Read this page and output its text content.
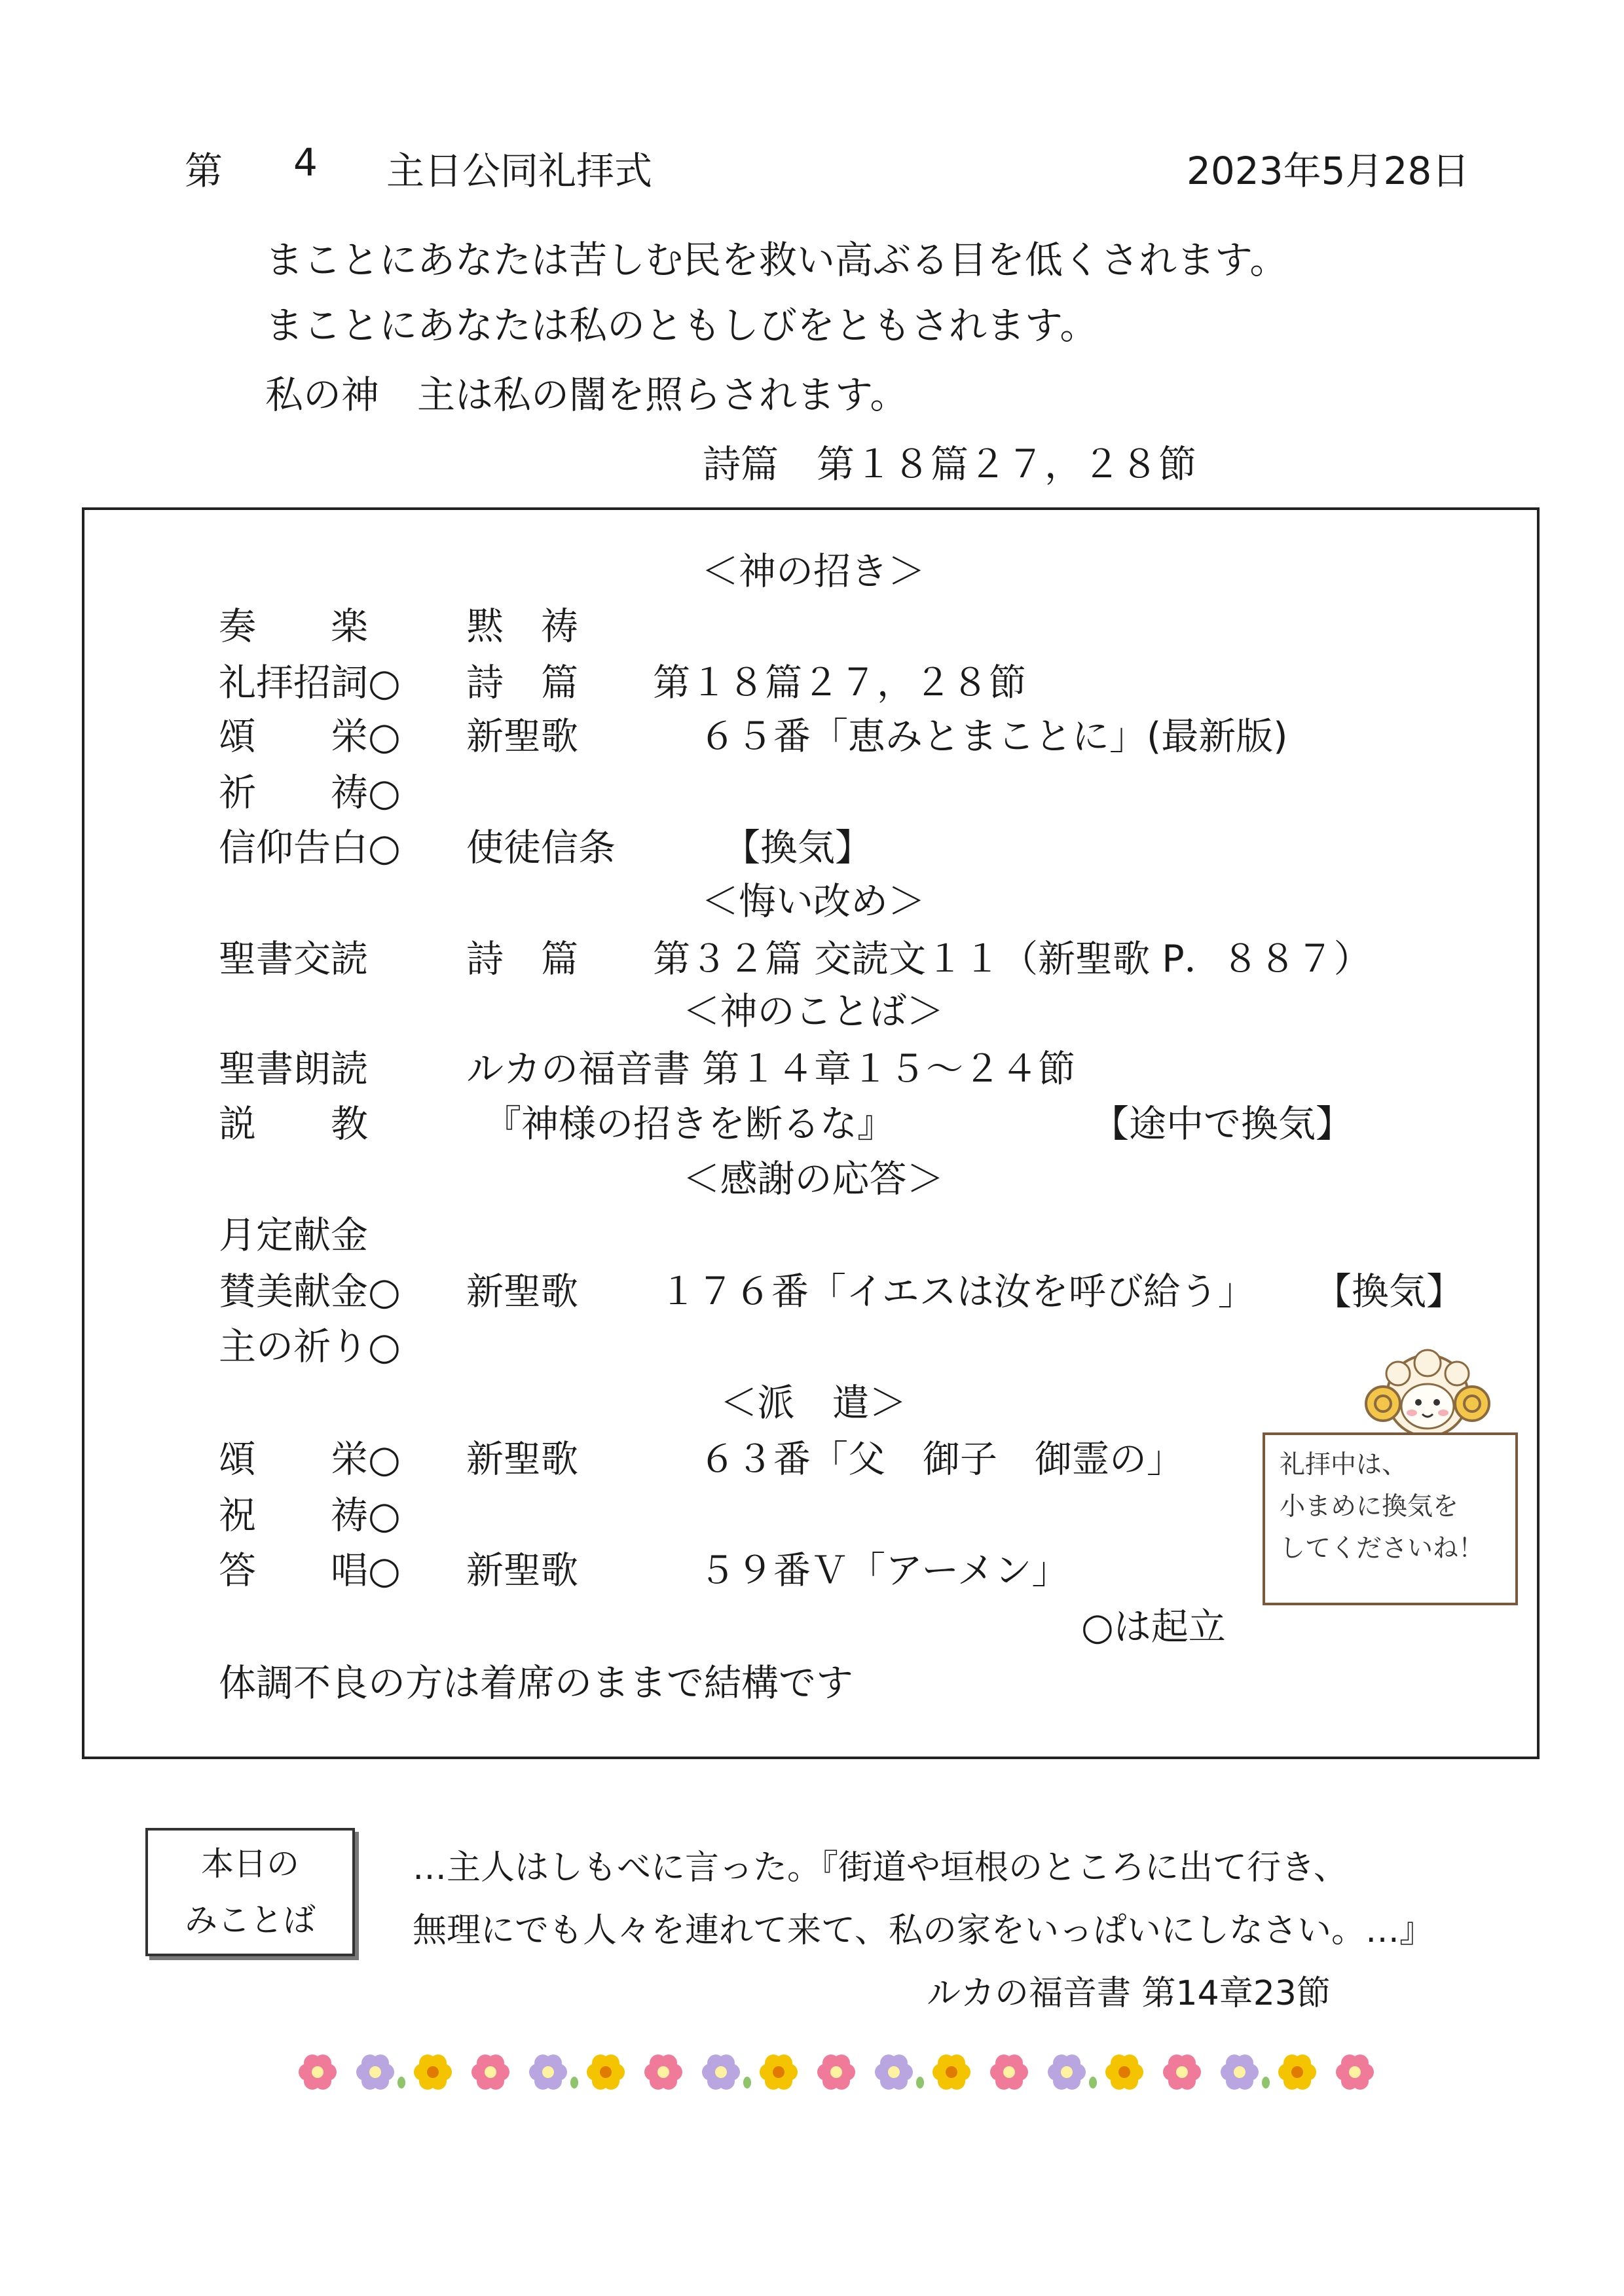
第 4 主日公同礼拝式	2023年5月28日
まことにあなたは苦しむ民を救い高ぶる目を低くされます。
まことにあなたは私のともしびをともされます。
私の神　主は私の闇を照らされます。
詩篇　第１８篇２７，２８節
＜神の招き＞
奏　　楽	黙　祷
礼拝招詞○ 詩　篇 第１８篇２７，２８節
頌　　栄○ 新聖歌	６５番「恵みとまことに」(最新版)
祈　　祷○
信仰告白○ 使徒信条	【換気】
＜悔い改め＞
聖書交読	詩　篇 第３２篇 交読文１１（新聖歌 P．８８７）
＜神のことば＞
聖書朗読	ルカの福音書 第１４章１５～２４節
説　　教	『神様の招きを断るな』	【途中で換気】
＜感謝の応答＞
月定献金
賛美献金○ 新聖歌 １７６番「イエスは汝を呼び給う」 【換気】
主の祈り○
＜派　遣＞
頌　　栄○ 新聖歌	６３番「父　御子　御霊の」
祝　　祷○
答　　唱○ 新聖歌	５９番Ｖ「アーメン」
○は起立
体調不良の方は着席のままで結構です
礼拝中は、
小まめに換気を
してくださいね！
本日の
みことば
…主人はしもべに言った。『街道や垣根のところに出て行き、
無理にでも人々を連れて来て、私の家をいっぱいにしなさい。…』
ルカの福音書 第14章23節
